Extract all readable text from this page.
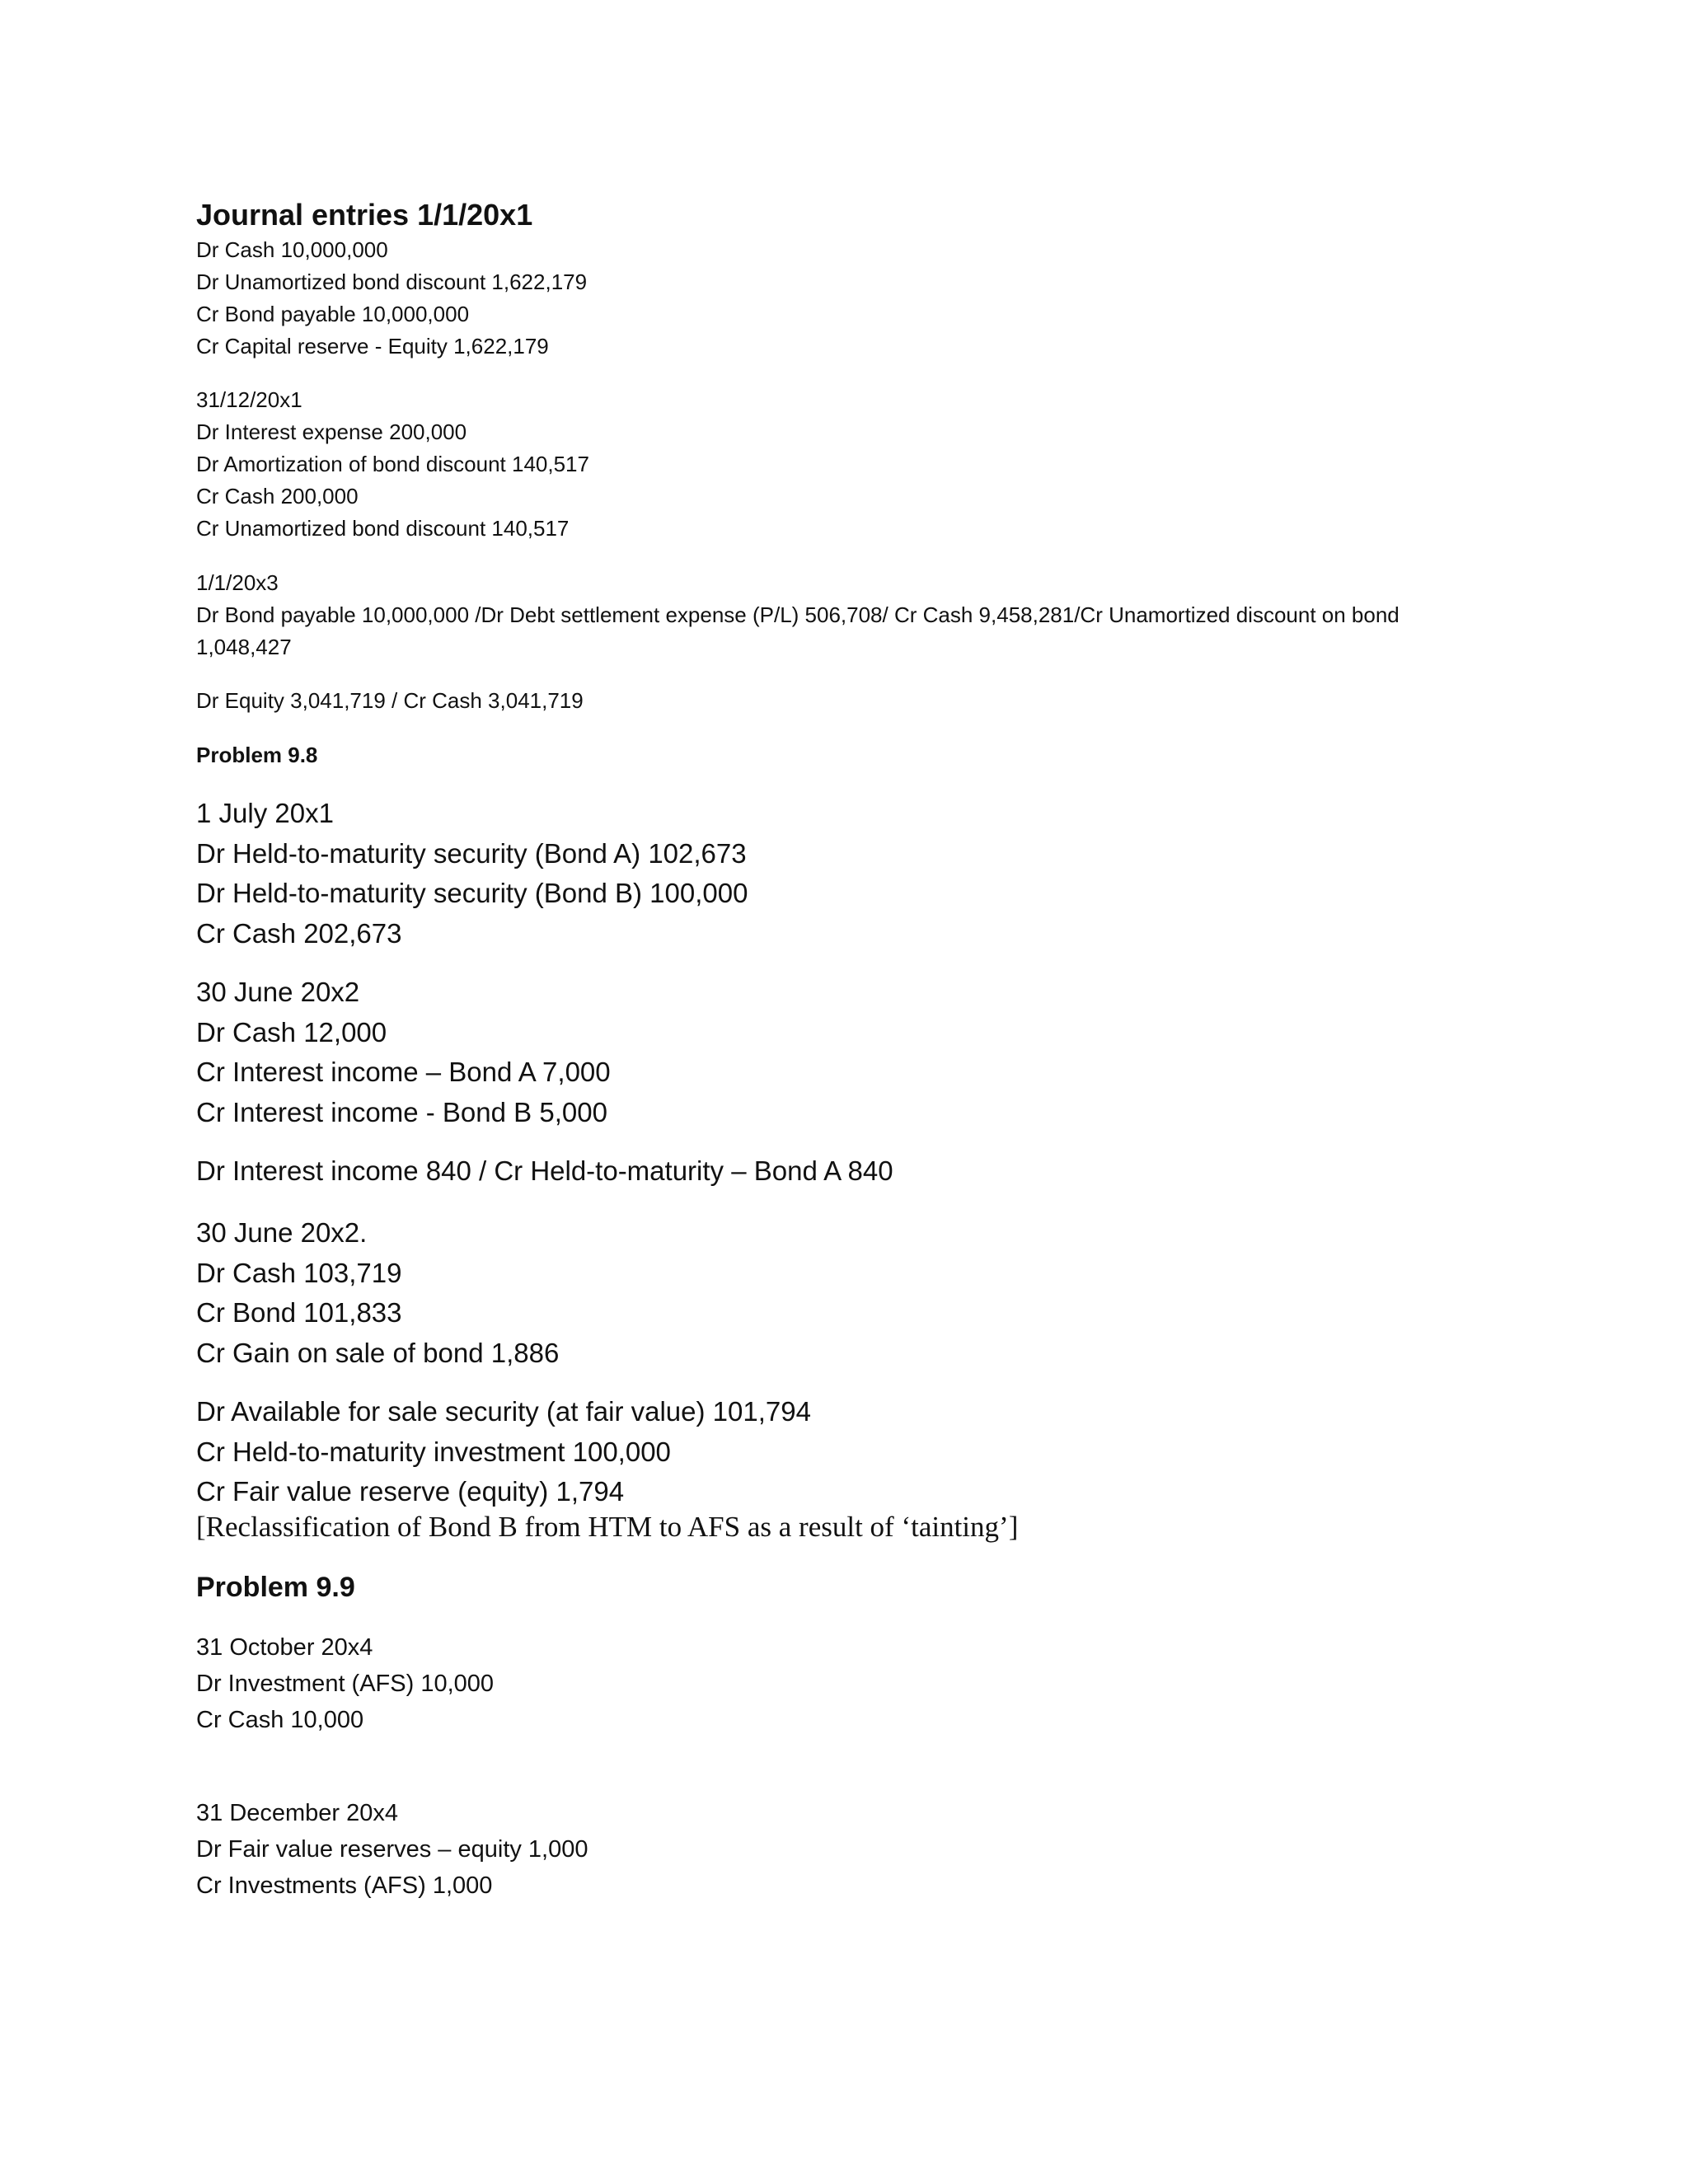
Journal entries 1/1/20x1
Dr Cash 10,000,000
Dr Unamortized bond discount 1,622,179
Cr Bond payable 10,000,000
Cr Capital reserve - Equity 1,622,179
31/12/20x1
Dr Interest expense 200,000
Dr Amortization of bond discount 140,517
Cr Cash 200,000
Cr Unamortized bond discount 140,517
1/1/20x3
Dr Bond payable 10,000,000 /Dr Debt settlement expense (P/L) 506,708/ Cr Cash 9,458,281/Cr Unamortized discount on bond
1,048,427
Dr Equity 3,041,719 / Cr Cash 3,041,719
Problem 9.8
1 July 20x1
Dr Held-to-maturity security (Bond A) 102,673
Dr Held-to-maturity security (Bond B) 100,000
Cr Cash 202,673
30 June 20x2
Dr Cash 12,000
Cr Interest income – Bond A 7,000
Cr Interest income - Bond B 5,000
Dr Interest income 840 / Cr Held-to-maturity – Bond A 840
30 June 20x2.
Dr Cash 103,719
Cr Bond 101,833
Cr Gain on sale of bond 1,886
Dr Available for sale security (at fair value) 101,794
Cr Held-to-maturity investment 100,000
Cr Fair value reserve (equity) 1,794
[Reclassification of Bond B from HTM to AFS as a result of ‘tainting’]
Problem 9.9
31 October 20x4
Dr Investment (AFS) 10,000
Cr Cash 10,000
31 December 20x4
Dr Fair value reserves – equity 1,000
Cr Investments (AFS) 1,000
